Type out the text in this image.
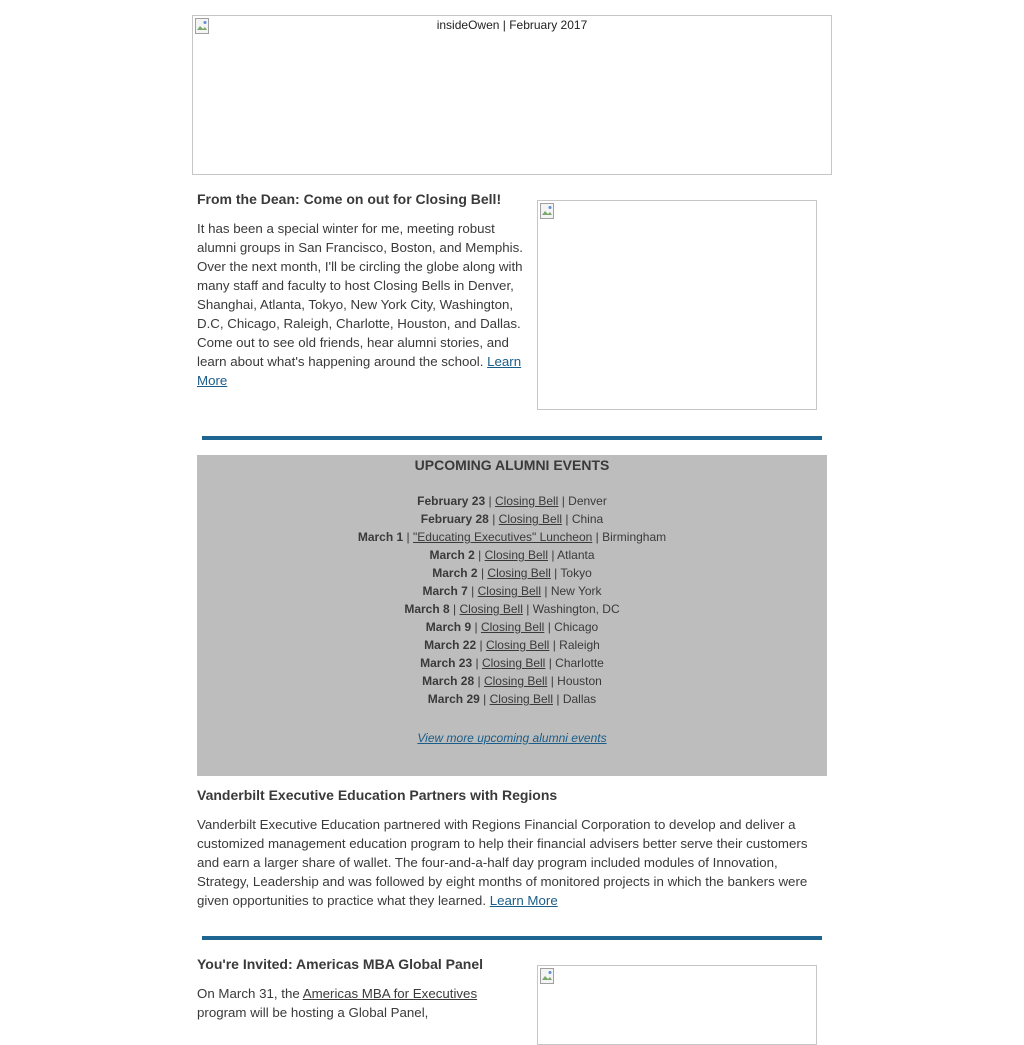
insideOwen | February 2017
From the Dean: Come on out for Closing Bell!

It has been a special winter for me, meeting robust alumni groups in San Francisco, Boston, and Memphis. Over the next month, I'll be circling the globe along with many staff and faculty to host Closing Bells in Denver, Shanghai, Atlanta, Tokyo, New York City, Washington, D.C, Chicago, Raleigh, Charlotte, Houston, and Dallas. Come out to see old friends, hear alumni stories, and learn about what's happening around the school. Learn More

UPCOMING ALUMNI EVENTS
February 23 | Closing Bell | Denver
February 28 | Closing Bell | China
March 1 | "Educating Executives" Luncheon | Birmingham
March 2 | Closing Bell | Atlanta
March 2 | Closing Bell | Tokyo
March 7 | Closing Bell | New York
March 8 | Closing Bell | Washington, DC
March 9 | Closing Bell | Chicago
March 22 | Closing Bell | Raleigh
March 23 | Closing Bell | Charlotte
March 28 | Closing Bell | Houston
March 29 | Closing Bell | Dallas
View more upcoming alumni events
Vanderbilt Executive Education Partners with Regions

Vanderbilt Executive Education partnered with Regions Financial Corporation to develop and deliver a customized management education program to help their financial advisers better serve their customers and earn a larger share of wallet. The four-and-a-half day program included modules of Innovation, Strategy, Leadership and was followed by eight months of monitored projects in which the bankers were given opportunities to practice what they learned. Learn More

You're Invited: Americas MBA Global Panel

On March 31, the Americas MBA for Executives program will be hosting a Global Panel,
